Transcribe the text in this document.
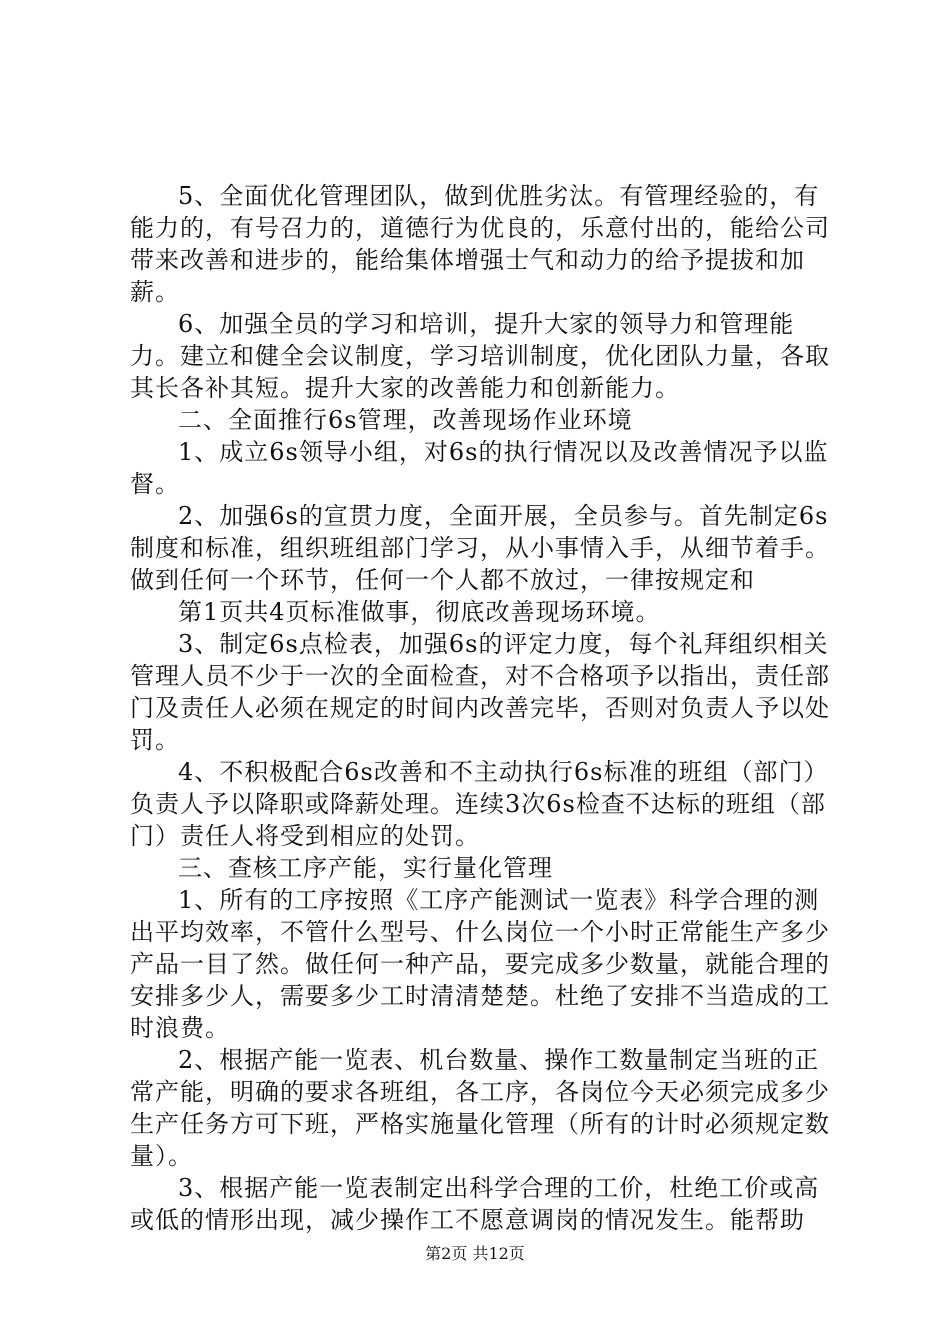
5、全面优化管理团队，做到优胜劣汰。有管理经验的，有能力的，有号召力的，道德行为优良的，乐意付出的，能给公司带来改善和进步的，能给集体增强士气和动力的给予提拔和加薪。

6、加强全员的学习和培训，提升大家的领导力和管理能力。建立和健全会议制度，学习培训制度，优化团队力量，各取其长各补其短。提升大家的改善能力和创新能力。

二、全面推行6s管理，改善现场作业环境

1、成立6s领导小组，对6s的执行情况以及改善情况予以监督。

2、加强6s的宣贯力度，全面开展，全员参与。首先制定6s制度和标准，组织班组部门学习，从小事情入手，从细节着手。做到任何一个环节，任何一个人都不放过，一律按规定和

第1页共4页标准做事，彻底改善现场环境。

3、制定6s点检表，加强6s的评定力度，每个礼拜组织相关管理人员不少于一次的全面检查，对不合格项予以指出，责任部门及责任人必须在规定的时间内改善完毕，否则对负责人予以处罚。

4、不积极配合6s改善和不主动执行6s标准的班组（部门）负责人予以降职或降薪处理。连续3次6s检查不达标的班组（部门）责任人将受到相应的处罚。

三、查核工序产能，实行量化管理

1、所有的工序按照《工序产能测试一览表》科学合理的测出平均效率，不管什么型号、什么岗位一个小时正常能生产多少产品一目了然。做任何一种产品，要完成多少数量，就能合理的安排多少人，需要多少工时清清楚楚。杜绝了安排不当造成的工时浪费。

2、根据产能一览表、机台数量、操作工数量制定当班的正常产能，明确的要求各班组，各工序，各岗位今天必须完成多少生产任务方可下班，严格实施量化管理（所有的计时必须规定数量）。

3、根据产能一览表制定出科学合理的工价，杜绝工价或高或低的情形出现，减少操作工不愿意调岗的情况发生。能帮助

第2页 共12页
